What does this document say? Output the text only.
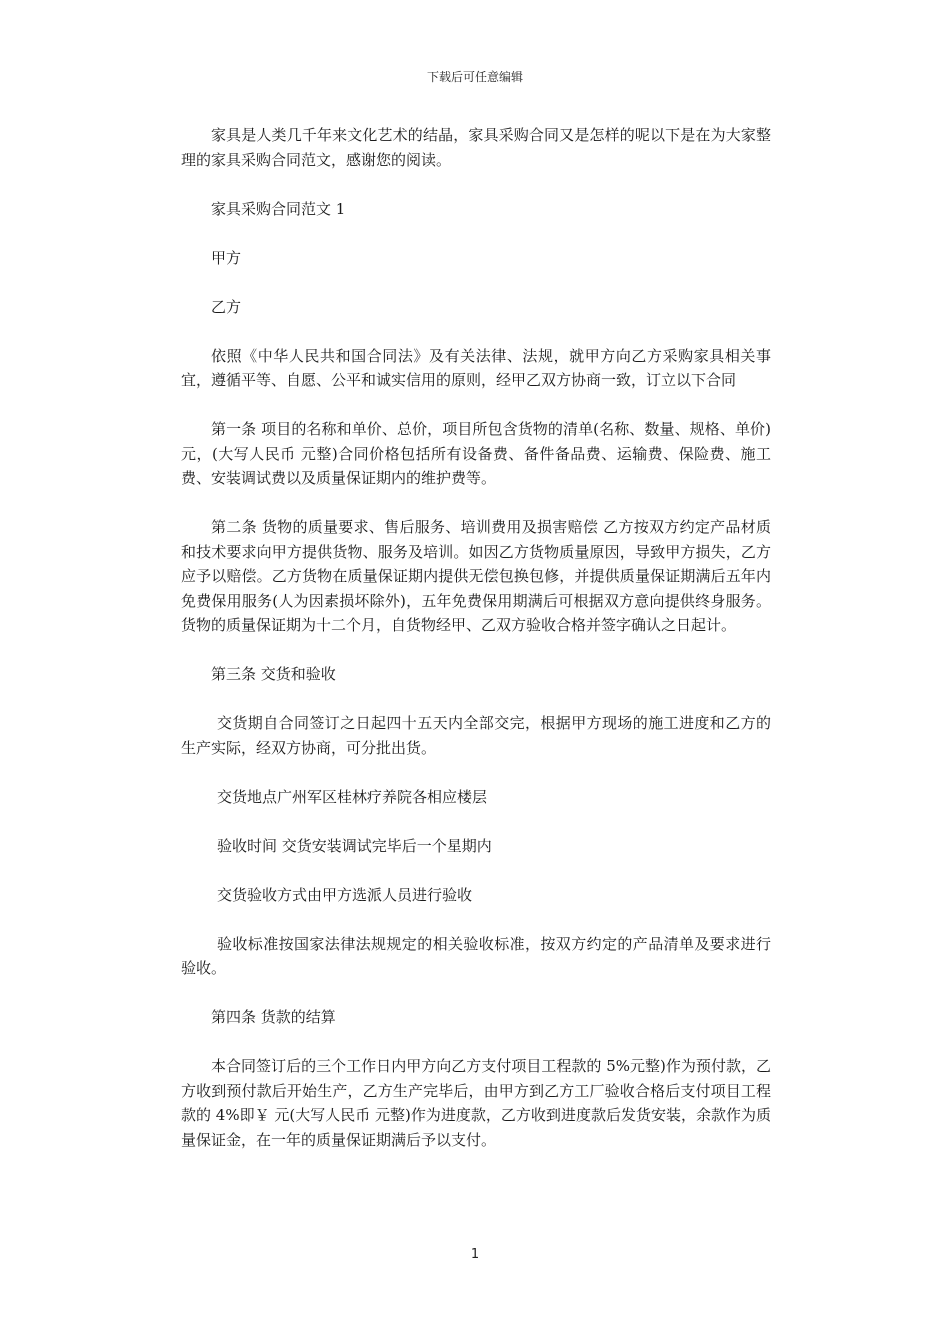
下载后可任意编辑

家具是人类几千年来文化艺术的结晶，家具采购合同又是怎样的呢以下是在为大家整理的家具采购合同范文，感谢您的阅读。

家具采购合同范文 1

甲方

乙方

依照《中华人民共和国合同法》及有关法律、法规，就甲方向乙方采购家具相关事宜，遵循平等、自愿、公平和诚实信用的原则，经甲乙双方协商一致，订立以下合同

第一条 项目的名称和单价、总价，项目所包含货物的清单(名称、数量、规格、单价)　　元，(大写人民币 元整)合同价格包括所有设备费、备件备品费、运输费、保险费、施工费、安装调试费以及质量保证期内的维护费等。

第二条 货物的质量要求、售后服务、培训费用及损害赔偿 乙方按双方约定产品材质和技术要求向甲方提供货物、服务及培训。如因乙方货物质量原因，导致甲方损失，乙方应予以赔偿。乙方货物在质量保证期内提供无偿包换包修，并提供质量保证期满后五年内免费保用服务(人为因素损坏除外)，五年免费保用期满后可根据双方意向提供终身服务。 货物的质量保证期为十二个月，自货物经甲、乙双方验收合格并签字确认之日起计。

第三条 交货和验收

交货期自合同签订之日起四十五天内全部交完，根据甲方现场的施工进度和乙方的生产实际，经双方协商，可分批出货。

交货地点广州军区桂林疗养院各相应楼层

验收时间 交货安装调试完毕后一个星期内

交货验收方式由甲方选派人员进行验收

验收标准按国家法律法规规定的相关验收标准，按双方约定的产品清单及要求进行验收。

第四条 货款的结算

本合同签订后的三个工作日内甲方向乙方支付项目工程款的 5%元整)作为预付款，乙方收到预付款后开始生产，乙方生产完毕后，由甲方到乙方工厂验收合格后支付项目工程款的 4%即￥ 元(大写人民币 元整)作为进度款，乙方收到进度款后发货安装，余款作为质量保证金，在一年的质量保证期满后予以支付。

1
